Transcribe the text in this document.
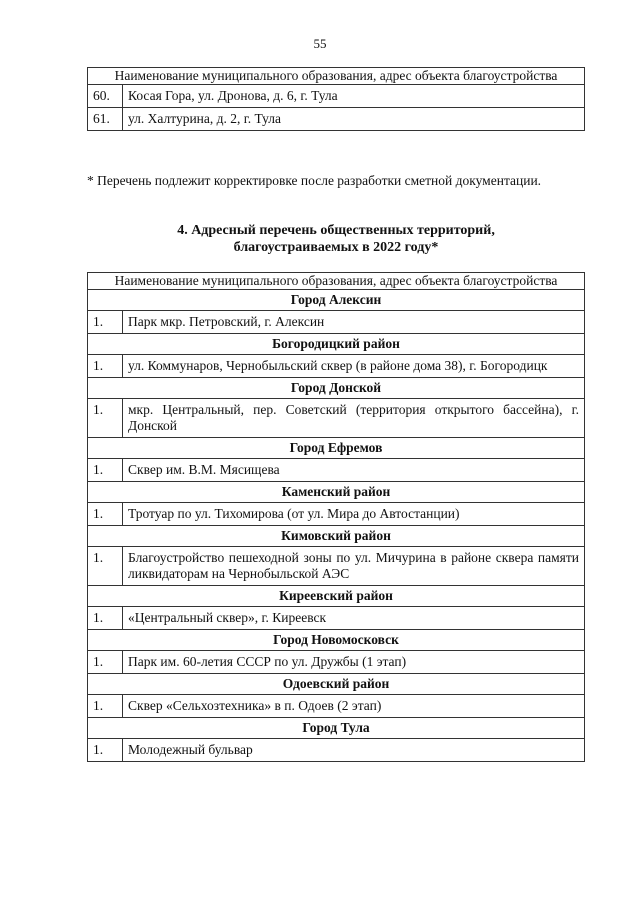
55
Наименование муниципального образования, адрес объекта благоустройства	
60.	Косая Гора, ул. Дронова, д. 6, г. Тула
61.	ул. Халтурина, д. 2, г. Тула
* Перечень подлежит корректировке после разработки сметной документации.
4. Адресный перечень общественных территорий,
благоустраиваемых в 2022 году*
Наименование муниципального образования, адрес объекта благоустройства	
Город Алексин	
1.	Парк мкр. Петровский, г. Алексин
Богородицкий район	
1.	ул. Коммунаров, Чернобыльский сквер (в районе дома 38), г. Богородицк
Город Донской	
1.	мкр. Центральный, пер. Советский (территория открытого бассейна), г. Донской
Город Ефремов	
1.	Сквер им. В.М. Мясищева
Каменский район	
1.	Тротуар по ул. Тихомирова (от ул. Мира до Автостанции)
Кимовский район	
1.	Благоустройство пешеходной зоны по ул. Мичурина в районе сквера памяти ликвидаторам на Чернобыльской АЭС
Киреевский район	
1.	«Центральный сквер», г. Киреевск
Город Новомосковск	
1.	Парк им. 60-летия СССР по ул. Дружбы (1 этап)
Одоевский район	
1.	Сквер «Сельхозтехника» в п. Одоев (2 этап)
Город Тула	
1.	Молодежный бульвар
